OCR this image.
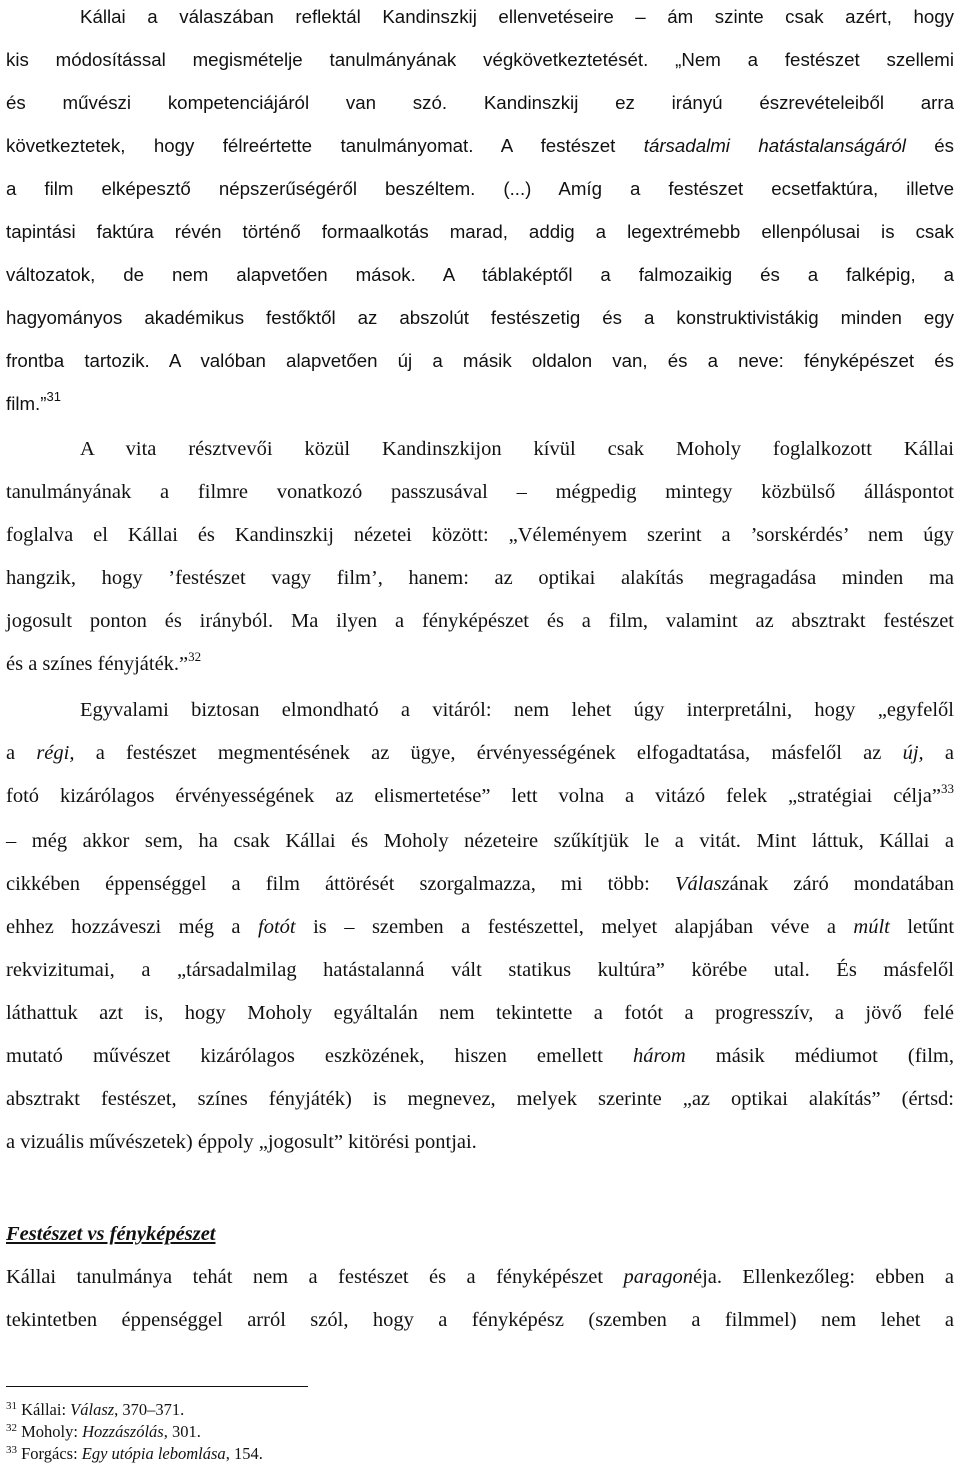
Kállai a válaszában reflektál Kandinszkij ellenvetéseire – ám szinte csak azért, hogy
kis módosítással megismételje tanulmányának végkövetkeztetését. „Nem a festészet szellemi
és művészi kompetenciájáról van szó. Kandinszkij ez irányú észrevételeiből arra
következtetek, hogy félreértette tanulmányomat. A festészet társadalmi hatástalanságáról és
a film elképesztő népszerűségéről beszéltem. (...) Amíg a festészet ecsetfaktúra, illetve
tapintási faktúra révén történő formaalkotás marad, addig a legextrémebb ellenpólusai is csak
változatok, de nem alapvetően mások. A táblaképtől a falmozaikig és a falképig, a
hagyományos akadémikus festőktől az abszolút festészetig és a konstruktivistákig minden egy
frontba tartozik. A valóban alapvetően új a másik oldalon van, és a neve: fényképészet és
film.”$^{31}$
A vita résztvevői közül Kandinszkijon kívül csak Moholy foglalkozott Kállai
tanulmányának a filmre vonatkozó passzusával – mégpedig mintegy közbülső álláspontot
foglalva el Kállai és Kandinszkij nézetei között: „Véleményem szerint a ’sorskérdés’ nem úgy
hangzik, hogy ’festészet vagy film’, hanem: az optikai alakítás megragadása minden ma
jogosult ponton és irányból. Ma ilyen a fényképészet és a film, valamint az absztrakt festészet
és a színes fényjáték.”$^{32}$
Egyvalami biztosan elmondható a vitáról: nem lehet úgy interpretálni, hogy „egyfelől
a régi, a festészet megmentésének az ügye, érvényességének elfogadtatása, másfelől az új, a
fotó kizárólagos érvényességének az elismertetése” lett volna a vitázó felek „stratégiai célja”$^{33}$
– még akkor sem, ha csak Kállai és Moholy nézeteire szűkítjük le a vitát. Mint láttuk, Kállai a
cikkében éppenséggel a film áttörését szorgalmazza, mi több: Válaszának záró mondatában
ehhez hozzáveszi még a fotót is – szemben a festészettel, melyet alapjában véve a múlt letűnt
rekvizitumai, a „társadalmilag hatástalanná vált statikus kultúra” körébe utal. És másfelől
láthattuk azt is, hogy Moholy egyáltalán nem tekintette a fotót a progresszív, a jövő felé
mutató művészet kizárólagos eszközének, hiszen emellett három másik médiumot (film,
absztrakt festészet, színes fényjáték) is megnevez, melyek szerinte „az optikai alakítás” (értsd:
a vizuális művészetek) éppoly „jogosult” kitörési pontjai.
Festészet vs fényképészet
Kállai tanulmánya tehát nem a festészet és a fényképészet paragonéja. Ellenkezőleg: ebben a
tekintetben éppenséggel arról szól, hogy a fényképész (szemben a filmmel) nem lehet a
$^{31}$ Kállai: Válasz, 370–371.
$^{32}$ Moholy: Hozzászólás, 301.
$^{33}$ Forgács: Egy utópia lebomlása, 154.
